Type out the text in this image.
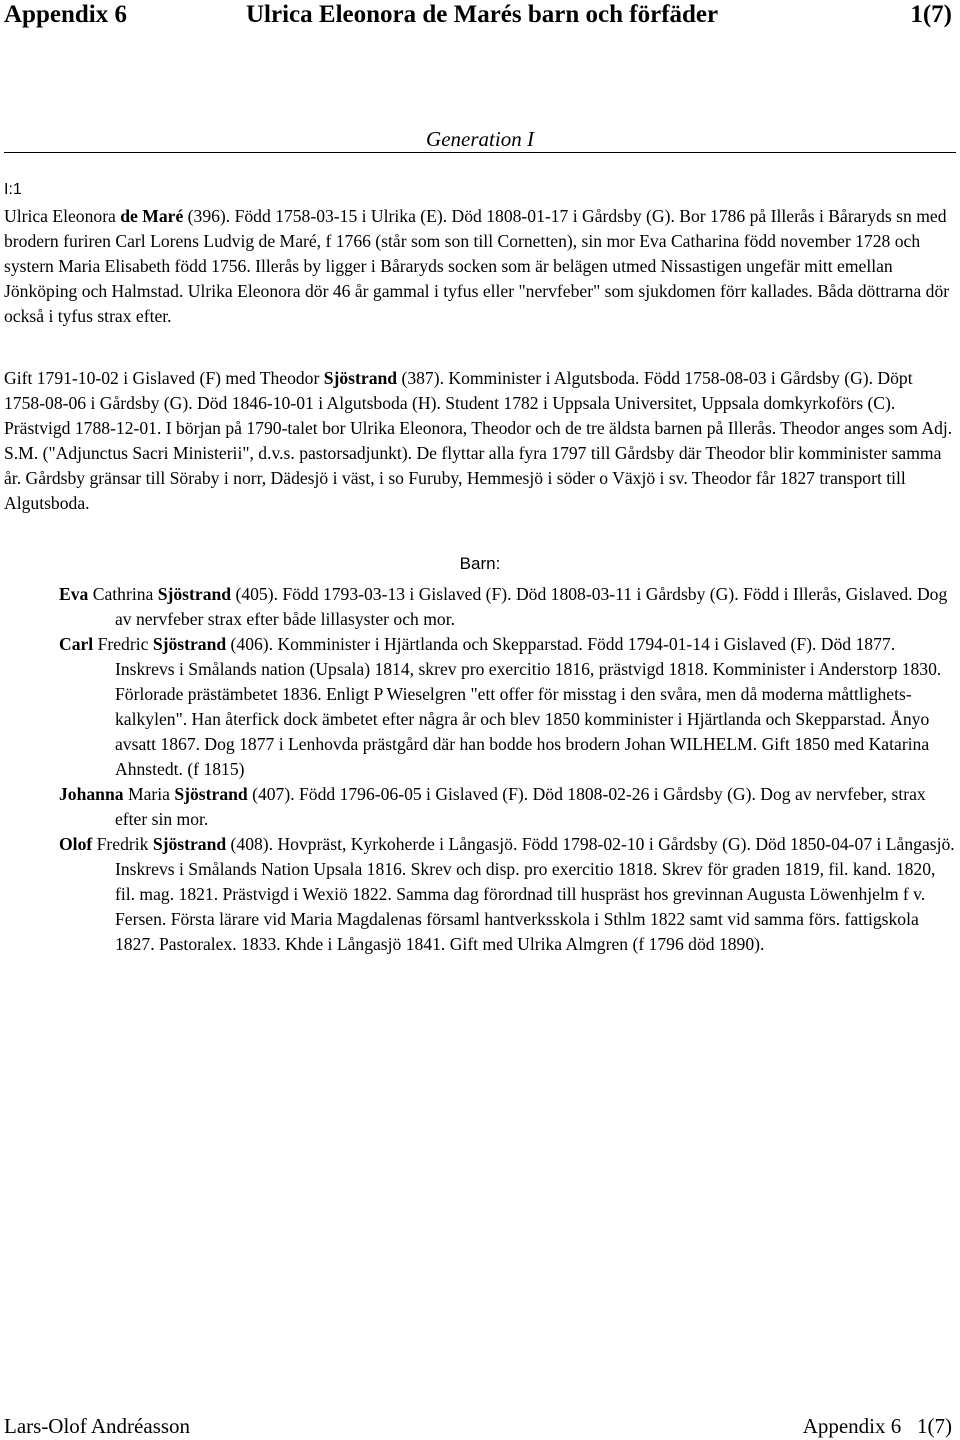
Appendix 6	Ulrica Eleonora de Marés barn och förfäder	1(7)
Generation I
I:1

Ulrica Eleonora de Maré (396). Född 1758-03-15 i Ulrika (E). Död 1808-01-17 i Gårdsby (G). Bor 1786 på Illerås i Båraryds sn med brodern furiren Carl Lorens Ludvig de Maré, f 1766 (står som son till Cornetten), sin mor Eva Catharina född november 1728 och systern Maria Elisabeth född 1756. Illerås by ligger i Båraryds socken som är belägen utmed Nissastigen ungefär mitt emellan Jönköping och Halmstad. Ulrika Eleonora dör 46 år gammal i tyfus eller "nervfeber" som sjukdomen förr kallades. Båda döttrarna dör också i tyfus strax efter.

Gift 1791-10-02 i Gislaved (F) med Theodor Sjöstrand (387). Komminister i Algutsboda. Född 1758-08-03 i Gårdsby (G). Döpt 1758-08-06 i Gårdsby (G). Död 1846-10-01 i Algutsboda (H). Student 1782 i Uppsala Universitet, Uppsala domkyrkoförs (C). Prästvigd 1788-12-01. I början på 1790-talet bor Ulrika Eleonora, Theodor och de tre äldsta barnen på Illerås. Theodor anges som Adj. S.M. ("Adjunctus Sacri Ministerii", d.v.s. pastorsadjunkt). De flyttar alla fyra 1797 till Gårdsby där Theodor blir komminister samma år. Gårdsby gränsar till Söraby i norr, Dädesjö i väst, i so Furuby, Hemmesjö i söder o Växjö i sv. Theodor får 1827 transport till Algutsboda.

Barn:
Eva Cathrina Sjöstrand (405). Född 1793-03-13 i Gislaved (F). Död 1808-03-11 i Gårdsby (G). Född i Illerås, Gislaved. Dog av nervfeber strax efter både lillasyster och mor.
Carl Fredric Sjöstrand (406). Komminister i Hjärtlanda och Skepparstad. Född 1794-01-14 i Gislaved (F). Död 1877. Inskrevs i Smålands nation (Upsala) 1814, skrev pro exercitio 1816, prästvigd 1818. Komminister i Anderstorp 1830. Förlorade prästämbetet 1836. Enligt P Wieselgren "ett offer för misstag i den svåra, men då moderna måttlighets-kalkylen". Han återfick dock ämbetet efter några år och blev 1850 komminister i Hjärtlanda och Skepparstad. Ånyo avsatt 1867. Dog 1877 i Lenhovda prästgård där han bodde hos brodern Johan WILHELM. Gift 1850 med Katarina Ahnstedt. (f 1815)
Johanna Maria Sjöstrand (407). Född 1796-06-05 i Gislaved (F). Död 1808-02-26 i Gårdsby (G). Dog av nervfeber, strax efter sin mor.
Olof Fredrik Sjöstrand (408). Hovpräst, Kyrkoherde i Långasjö. Född 1798-02-10 i Gårdsby (G). Död 1850-04-07 i Långasjö. Inskrevs i Smålands Nation Upsala 1816. Skrev och disp. pro exercitio 1818. Skrev för graden 1819, fil. kand. 1820, fil. mag. 1821. Prästvigd i Wexiö 1822. Samma dag förordnad till huspräst hos grevinnan Augusta Löwenhjelm f v. Fersen. Första lärare vid Maria Magdalenas församl hantverksskola i Sthlm 1822 samt vid samma förs. fattigskola 1827. Pastoralex. 1833. Khde i Långasjö 1841. Gift med Ulrika Almgren (f 1796 död 1890).
Lars-Olof Andréasson	Appendix 6   1(7)
